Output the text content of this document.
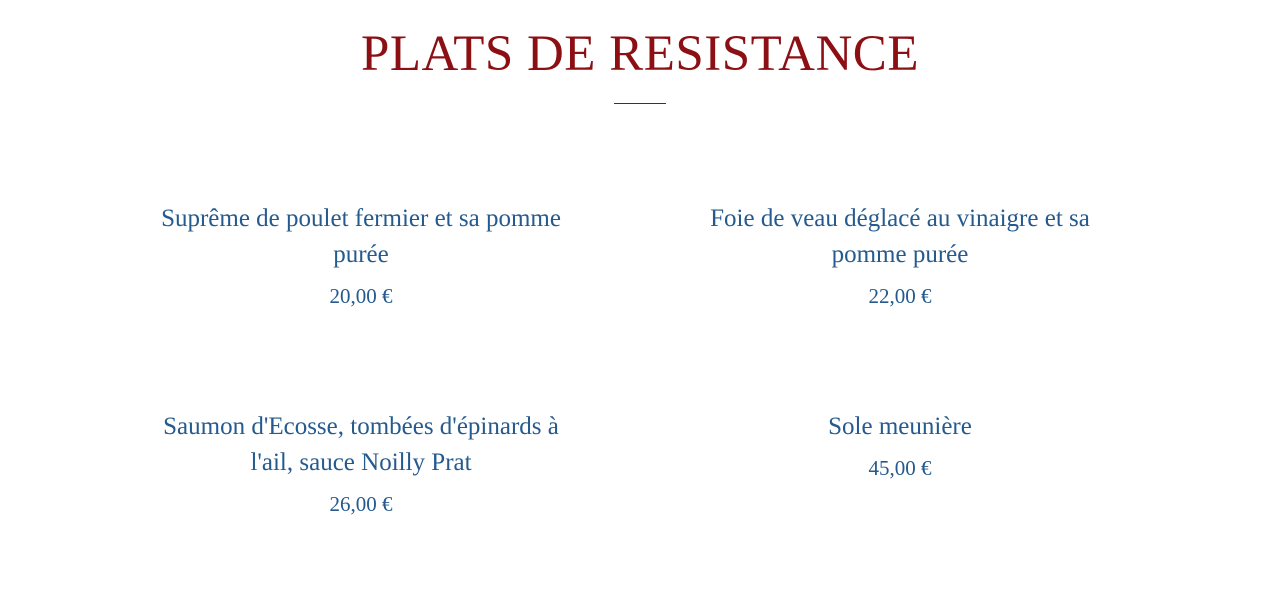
PLATS DE RESISTANCE
Suprême de poulet fermier et sa pomme purée
20,00 €
Foie de veau déglacé au vinaigre et sa pomme purée
22,00 €
Saumon d'Ecosse, tombées d'épinards à l'ail, sauce Noilly Prat
26,00 €
Sole meunière
45,00 €
